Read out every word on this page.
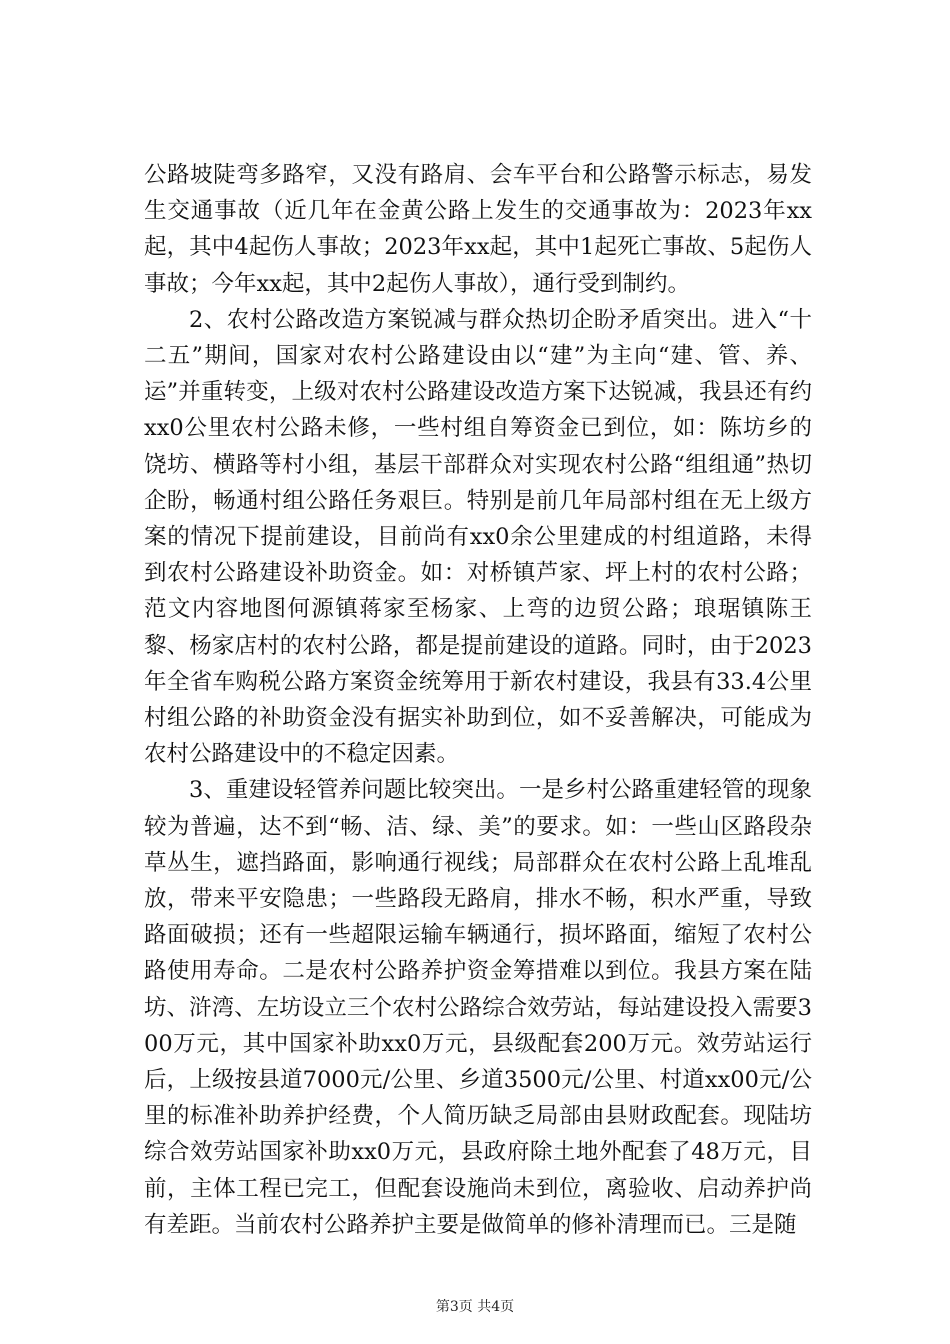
公路坡陡弯多路窄，又没有路肩、会车平台和公路警示标志，易发生交通事故（近几年在金黄公路上发生的交通事故为：2023年xx起，其中4起伤人事故；2023年xx起，其中1起死亡事故、5起伤人事故；今年xx起，其中2起伤人事故），通行受到制约。

2、农村公路改造方案锐减与群众热切企盼矛盾突出。进入“十二五”期间，国家对农村公路建设由以“建”为主向“建、管、养、运”并重转变，上级对农村公路建设改造方案下达锐减，我县还有约xx0公里农村公路未修，一些村组自筹资金已到位，如：陈坊乡的饶坊、横路等村小组，基层干部群众对实现农村公路“组组通”热切企盼，畅通村组公路任务艰巨。特别是前几年局部村组在无上级方案的情况下提前建设，目前尚有xx0余公里建成的村组道路，未得到农村公路建设补助资金。如：对桥镇芦家、坪上村的农村公路；范文内容地图何源镇蒋家至杨家、上弯的边贸公路；琅琚镇陈王黎、杨家店村的农村公路，都是提前建设的道路。同时，由于2023年全省车购税公路方案资金统筹用于新农村建设，我县有33.4公里村组公路的补助资金没有据实补助到位，如不妥善解决，可能成为农村公路建设中的不稳定因素。

3、重建设轻管养问题比较突出。一是乡村公路重建轻管的现象较为普遍，达不到“畅、洁、绿、美”的要求。如：一些山区路段杂草丛生，遮挡路面，影响通行视线；局部群众在农村公路上乱堆乱放，带来平安隐患；一些路段无路肩，排水不畅，积水严重，导致路面破损；还有一些超限运输车辆通行，损坏路面，缩短了农村公路使用寿命。二是农村公路养护资金筹措难以到位。我县方案在陆坊、浒湾、左坊设立三个农村公路综合效劳站，每站建设投入需要300万元，其中国家补助xx0万元，县级配套200万元。效劳站运行后，上级按县道7000元/公里、乡道3500元/公里、村道xx00元/公里的标准补助养护经费，个人简历缺乏局部由县财政配套。现陆坊综合效劳站国家补助xx0万元，县政府除土地外配套了48万元，目前，主体工程已完工，但配套设施尚未到位，离验收、启动养护尚有差距。当前农村公路养护主要是做简单的修补清理而已。三是随

第3页 共4页
